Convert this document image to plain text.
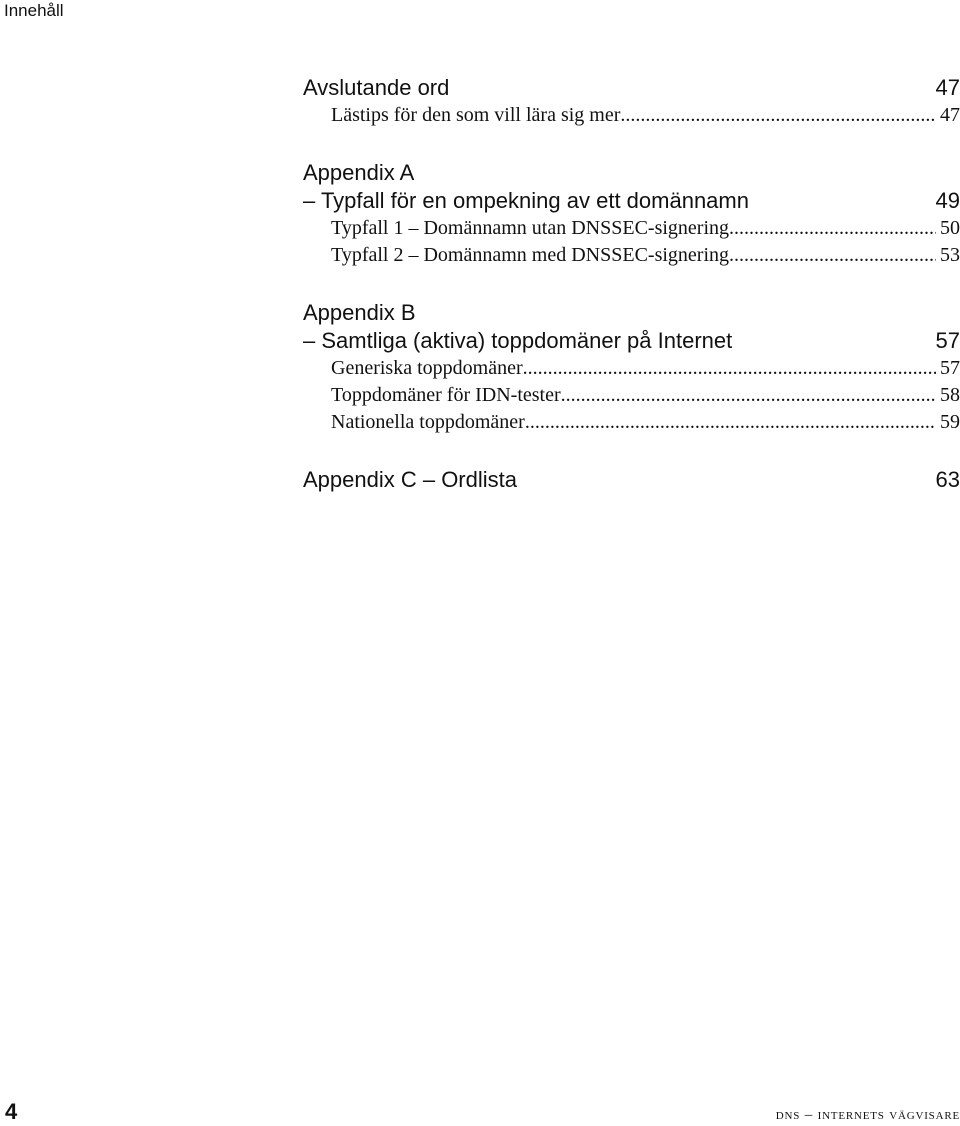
Innehåll
Avslutande ord	47
Lästips för den som vill lära sig mer .....	47
Appendix A
– Typfall för en ompekning av ett domännamn	49
Typfall 1 – Domännamn utan DNSSEC-signering .....	50
Typfall 2 – Domännamn med DNSSEC-signering .....	53
Appendix B
– Samtliga (aktiva) toppdomäner på Internet	57
Generiska toppdomäner .....	57
Toppdomäner för IDN-tester .....	58
Nationella toppdomäner .....	59
Appendix C – Ordlista	63
4	dns – internets vägvisare
